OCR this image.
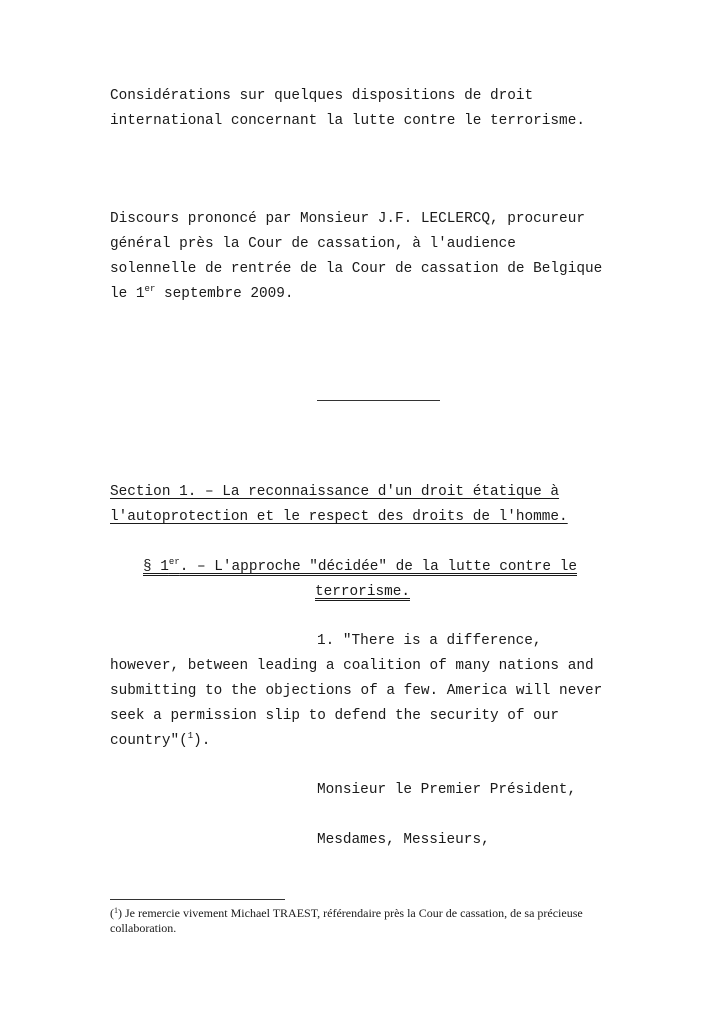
Considérations sur quelques dispositions de droit
international concernant la lutte contre le terrorisme.
Discours prononcé par Monsieur J.F. LECLERCQ, procureur
général près la Cour de cassation, à l'audience
solennelle de rentrée de la Cour de cassation de Belgique
le 1er septembre 2009.
Section 1. – La reconnaissance d'un droit étatique à
l'autoprotection et le respect des droits de l'homme.
§ 1er. – L'approche "décidée" de la lutte contre le
terrorisme.
1. "There is a difference,
however, between leading a coalition of many nations and
submitting to the objections of a few. America will never
seek a permission slip to defend the security of our
country"($^1$).
Monsieur le Premier Président,
Mesdames, Messieurs,
($^1$) Je remercie vivement Michael TRAEST, référendaire près la Cour de cassation, de sa précieuse collaboration.
